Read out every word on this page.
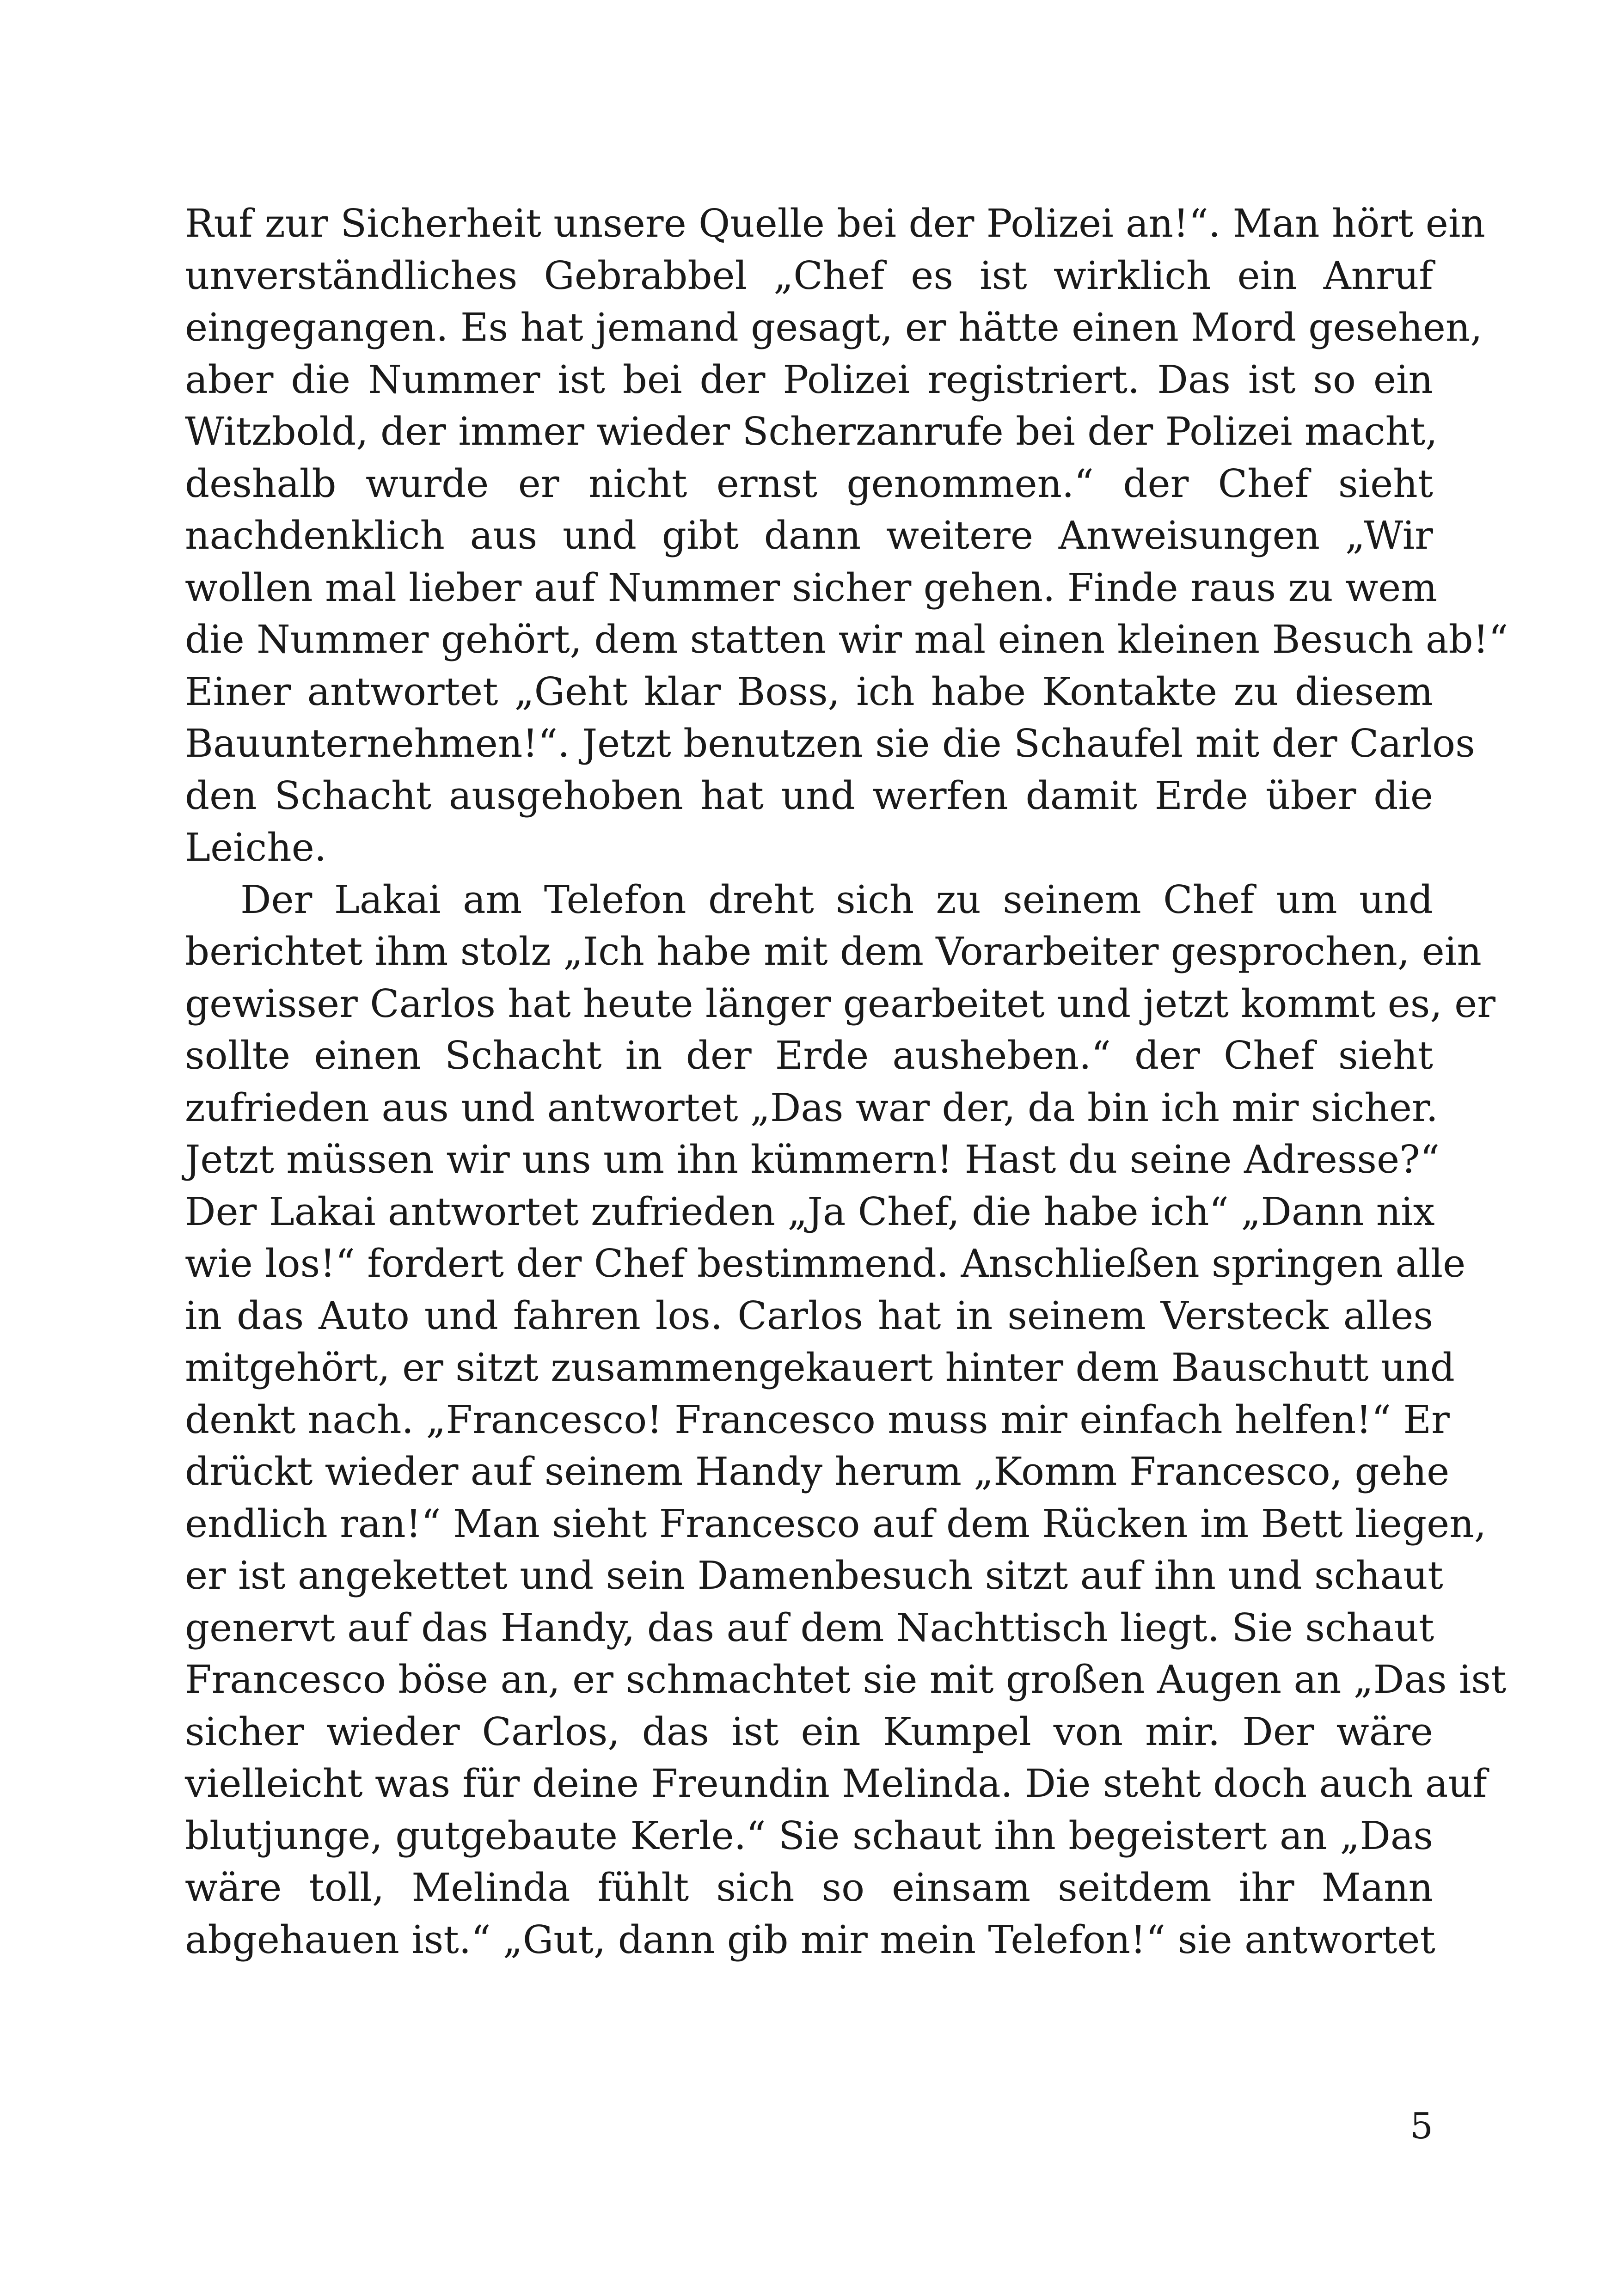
Ruf zur Sicherheit unsere Quelle bei der Polizei an!“. Man hört ein
unverständliches Gebrabbel „Chef es ist wirklich ein Anruf
eingegangen. Es hat jemand gesagt, er hätte einen Mord gesehen,
aber die Nummer ist bei der Polizei registriert. Das ist so ein
Witzbold, der immer wieder Scherzanrufe bei der Polizei macht,
deshalb wurde er nicht ernst genommen.“ der Chef sieht
nachdenklich aus und gibt dann weitere Anweisungen „Wir
wollen mal lieber auf Nummer sicher gehen. Finde raus zu wem
die Nummer gehört, dem statten wir mal einen kleinen Besuch ab!“
Einer antwortet „Geht klar Boss, ich habe Kontakte zu diesem
Bauunternehmen!“. Jetzt benutzen sie die Schaufel mit der Carlos
den Schacht ausgehoben hat und werfen damit Erde über die
Leiche.
Der Lakai am Telefon dreht sich zu seinem Chef um und
berichtet ihm stolz „Ich habe mit dem Vorarbeiter gesprochen, ein
gewisser Carlos hat heute länger gearbeitet und jetzt kommt es, er
sollte einen Schacht in der Erde ausheben.“ der Chef sieht
zufrieden aus und antwortet „Das war der, da bin ich mir sicher.
Jetzt müssen wir uns um ihn kümmern! Hast du seine Adresse?“
Der Lakai antwortet zufrieden „Ja Chef, die habe ich“ „Dann nix
wie los!“ fordert der Chef bestimmend. Anschließen springen alle
in das Auto und fahren los. Carlos hat in seinem Versteck alles
mitgehört, er sitzt zusammengekauert hinter dem Bauschutt und
denkt nach. „Francesco! Francesco muss mir einfach helfen!“ Er
drückt wieder auf seinem Handy herum „Komm Francesco, gehe
endlich ran!“ Man sieht Francesco auf dem Rücken im Bett liegen,
er ist angekettet und sein Damenbesuch sitzt auf ihn und schaut
genervt auf das Handy, das auf dem Nachttisch liegt. Sie schaut
Francesco böse an, er schmachtet sie mit großen Augen an „Das ist
sicher wieder Carlos, das ist ein Kumpel von mir. Der wäre
vielleicht was für deine Freundin Melinda. Die steht doch auch auf
blutjunge, gutgebaute Kerle.“ Sie schaut ihn begeistert an „Das
wäre toll, Melinda fühlt sich so einsam seitdem ihr Mann
abgehauen ist.“ „Gut, dann gib mir mein Telefon!“ sie antwortet
5
